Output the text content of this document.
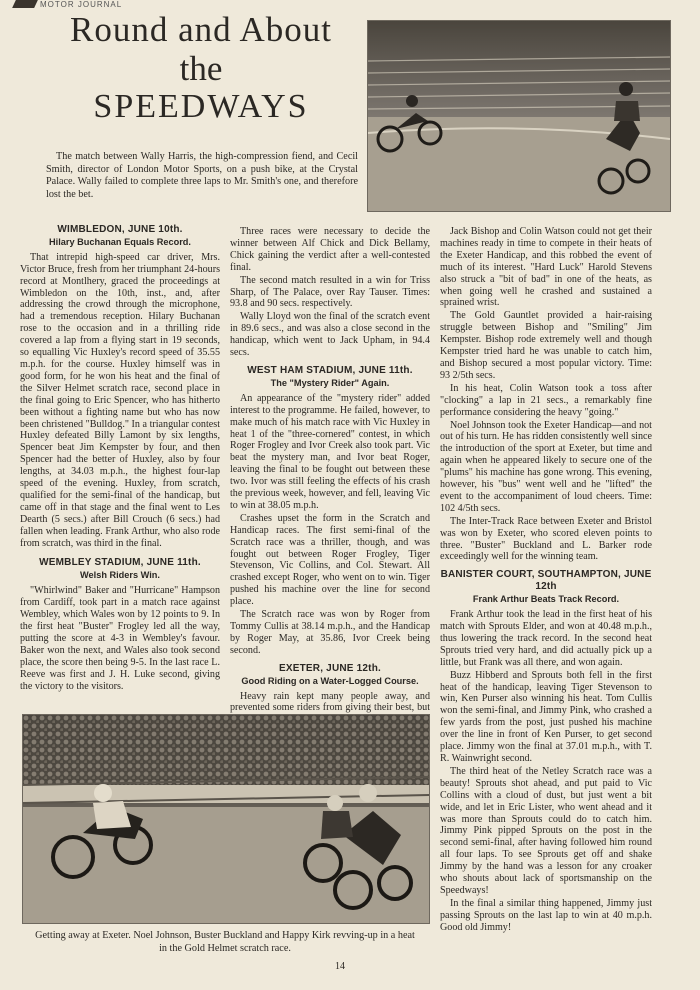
MOTOR JOURNAL
Round and About
the
SPEEDWAYS
The match between Wally Harris, the high-compression fiend, and Cecil Smith, director of London Motor Sports, on a push bike, at the Crystal Palace. Wally failed to complete three laps to Mr. Smith's one, and therefore lost the bet.
WIMBLEDON, JUNE 10th.
Hilary Buchanan Equals Record.

That intrepid high-speed car driver, Mrs. Victor Bruce, fresh from her triumphant 24-hours record at Montlhery, graced the proceedings at Wimbledon on the 10th, inst., and, after addressing the crowd through the microphone, had a tremendous reception. Hilary Buchanan rose to the occasion and in a thrilling ride covered a lap from a flying start in 19 seconds, so equalling Vic Huxley's record speed of 35.55 m.p.h. for the course. Huxley himself was in good form, for he won his heat and the final of the Silver Helmet scratch race, second place in the final going to Eric Spencer, who has hitherto been without a fighting name but who has now been christened "Bulldog." In a triangular contest Huxley defeated Billy Lamont by six lengths, Spencer beat Jim Kempster by four, and then Spencer had the better of Huxley, also by four lengths, at 34.03 m.p.h., the highest four-lap speed of the evening. Huxley, from scratch, qualified for the semi-final of the handicap, but came off in that stage and the final went to Les Dearth (5 secs.) after Bill Crouch (6 secs.) had fallen when leading. Frank Arthur, who also rode from scratch, was third in the final.

WEMBLEY STADIUM, JUNE 11th.
Welsh Riders Win.

"Whirlwind" Baker and "Hurricane" Hampson from Cardiff, took part in a match race against Wembley, which Wales won by 12 points to 9. In the first heat "Buster" Frogley led all the way, putting the score at 4-3 in Wembley's favour. Baker won the next, and Wales also took second place, the score then being 9-5. In the last race L. Reeve was first and J. H. Luke second, giving the victory to the visitors.

Three races were necessary to decide the winner between Alf Chick and Dick Bellamy, Chick gaining the verdict after a well-contested final.

The second match resulted in a win for Triss Sharp, of The Palace, over Ray Tauser. Times: 93.8 and 90 secs. respectively.

Wally Lloyd won the final of the scratch event in 89.6 secs., and was also a close second in the handicap, which went to Jack Upham, in 94.4 secs.

WEST HAM STADIUM, JUNE 11th.
The "Mystery Rider" Again.

An appearance of the "mystery rider" added interest to the programme. He failed, however, to make much of his match race with Vic Huxley in heat 1 of the "three-cornered" contest, in which Roger Frogley and Ivor Creek also took part. Vic beat the mystery man, and Ivor beat Roger, leaving the final to be fought out between these two. Ivor was still feeling the effects of his crash the previous week, however, and fell, leaving Vic to win at 38.05 m.p.h.

Crashes upset the form in the Scratch and Handicap races. The first semi-final of the Scratch race was a thriller, though, and was fought out between Roger Frogley, Tiger Stevenson, Vic Collins, and Col. Stewart. All crashed except Roger, who went on to win. Tiger pushed his machine over the line for second place.

The Scratch race was won by Roger from Tommy Cullis at 38.14 m.p.h., and the Handicap by Roger May, at 35.86, Ivor Creek being second.

EXETER, JUNE 12th.
Good Riding on a Water-Logged Course.

Heavy rain kept many people away, and prevented some riders from giving their best, but

Jack Bishop and Colin Watson could not get their machines ready in time to compete in their heats of the Exeter Handicap, and this robbed the event of much of its interest. "Hard Luck" Harold Stevens also struck a "bit of bad" in one of the heats, as when going well he crashed and sustained a sprained wrist.

The Gold Gauntlet provided a hair-raising struggle between Bishop and "Smiling" Jim Kempster. Bishop rode extremely well and though Kempster tried hard he was unable to catch him, and Bishop secured a most popular victory. Time: 93 2/5th secs.

In his heat, Colin Watson took a toss after "clocking" a lap in 21 secs., a remarkably fine performance considering the heavy "going."

Noel Johnson took the Exeter Handicap—and not out of his turn. He has ridden consistently well since the introduction of the sport at Exeter, but time and again when he appeared likely to secure one of the "plums" his machine has gone wrong. This evening, however, his "bus" went well and he "lifted" the event to the accompaniment of loud cheers. Time: 102 4/5th secs.

The Inter-Track Race between Exeter and Bristol was won by Exeter, who scored eleven points to three. "Buster" Buckland and L. Barker rode exceedingly well for the winning team.

BANISTER COURT, SOUTHAMPTON, JUNE 12th
Frank Arthur Beats Track Record.

Frank Arthur took the lead in the first heat of his match with Sprouts Elder, and won at 40.48 m.p.h., thus lowering the track record. In the second heat Sprouts tried very hard, and did actually pick up a little, but Frank was all there, and won again.

Buzz Hibberd and Sprouts both fell in the first heat of the handicap, leaving Tiger Stevenson to win, Ken Purser also winning his heat. Tom Cullis won the semi-final, and Jimmy Pink, who crashed a few yards from the post, just pushed his machine over the line in front of Ken Purser, to get second place. Jimmy won the final at 37.01 m.p.h., with T. R. Wainwright second.

The third heat of the Netley Scratch race was a beauty! Sprouts shot ahead, and put paid to Vic Collins with a cloud of dust, but just went a bit wide, and let in Eric Lister, who went ahead and it was more than Sprouts could do to catch him. Jimmy Pink pipped Sprouts on the post in the second semi-final, after having followed him round all four laps. To see Sprouts get off and shake Jimmy by the hand was a lesson for any croaker who shouts about lack of sportsmanship on the Speedways!

In the final a similar thing happened, Jimmy just passing Sprouts on the last lap to win at 40 m.p.h. Good old Jimmy!

Getting away at Exeter. Noel Johnson, Buster Buckland and Happy Kirk revving-up in a heat in the Gold Helmet scratch race.
14
